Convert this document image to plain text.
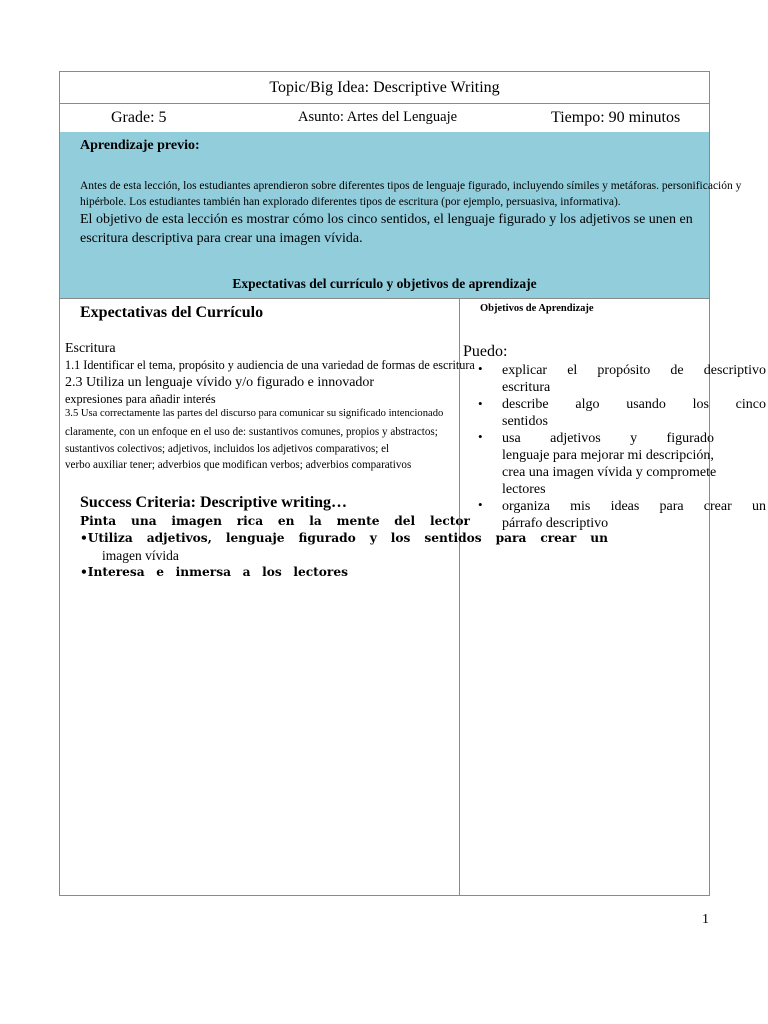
Topic/Big Idea: Descriptive Writing
Grade: 5	Asunto: Artes del Lenguaje	Tiempo: 90 minutos
Aprendizaje previo:
Antes de esta lección, los estudiantes aprendieron sobre diferentes tipos de lenguaje figurado, incluyendo símiles y metáforas. personificación y hipérbole. Los estudiantes también han explorado diferentes tipos de escritura (por ejemplo, persuasiva, informativa).
El objetivo de esta lección es mostrar cómo los cinco sentidos, el lenguaje figurado y los adjetivos se unen en escritura descriptiva para crear una imagen vívida.
Expectativas del currículo y objetivos de aprendizaje
Expectativas del Currículo
Escritura
1.1 Identificar el tema, propósito y audiencia de una variedad de formas de escritura
2.3 Utiliza un lenguaje vívido y/o figurado e innovador
expresiones para añadir interés
3.5 Usa correctamente las partes del discurso para comunicar su significado intencionado
claramente, con un enfoque en el uso de: sustantivos comunes, propios y abstractos;
sustantivos colectivos; adjetivos, incluidos los adjetivos comparativos; el
verbo auxiliar tener; adverbios que modifican verbos; adverbios comparativos
Success Criteria: Descriptive writing…
Pinta una imagen rica en la mente del lector
•Utiliza adjetivos, lenguaje figurado y los sentidos para crear un
imagen vívida
•Interesa e inmersa a los lectores
Objetivos de Aprendizaje
Puedo:
• explicar el propósito de descriptivo
escritura
• describe algo usando los cinco
sentidos
• usa adjetivos y figurado
lenguaje para mejorar mi descripción,
crea una imagen vívida y compromete
lectores
• organiza mis ideas para crear un
párrafo descriptivo
1
